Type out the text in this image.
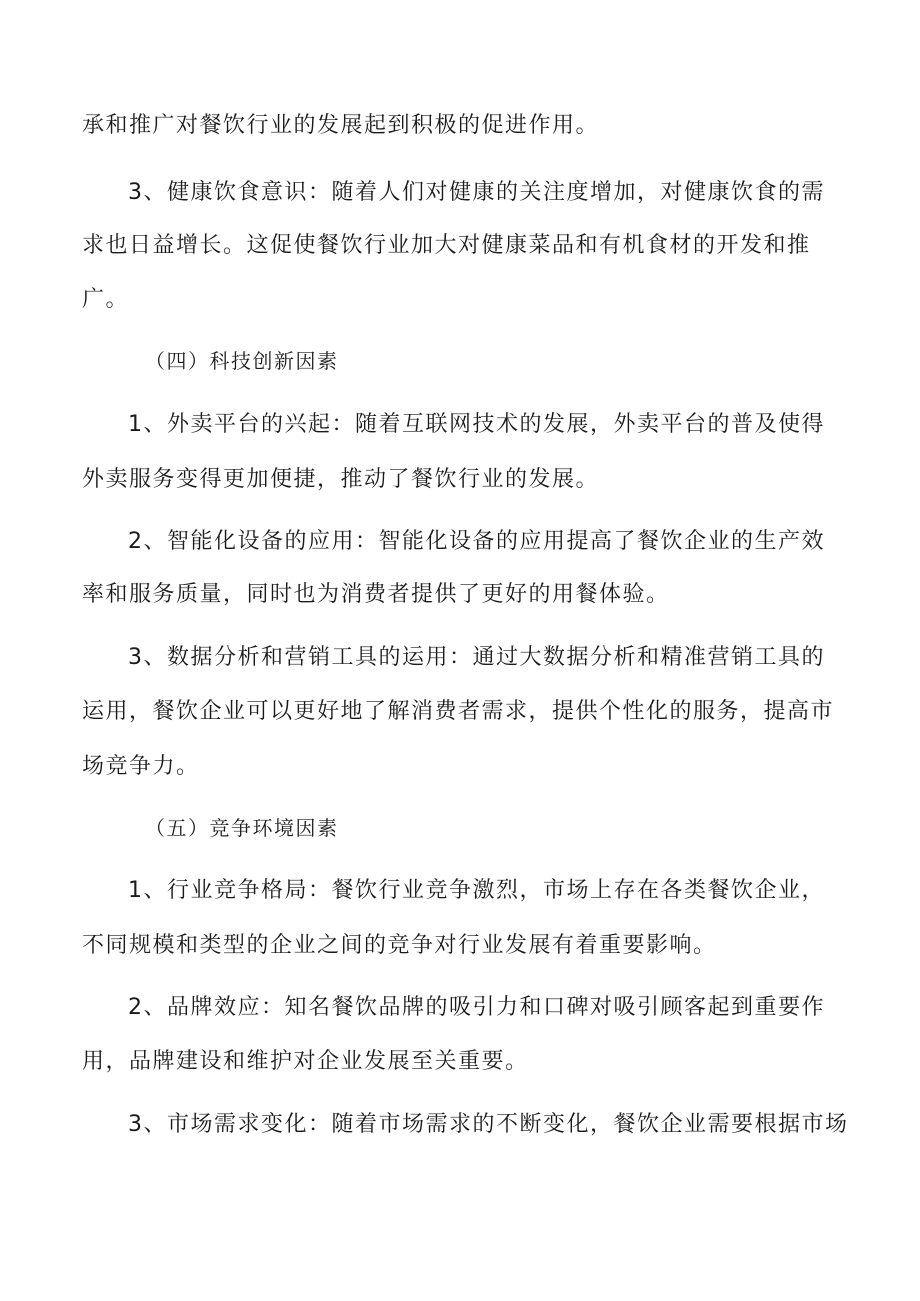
承和推广对餐饮行业的发展起到积极的促进作用。
3、健康饮食意识：随着人们对健康的关注度增加，对健康饮食的需
求也日益增长。这促使餐饮行业加大对健康菜品和有机食材的开发和推
广。
（四）科技创新因素
1、外卖平台的兴起：随着互联网技术的发展，外卖平台的普及使得
外卖服务变得更加便捷，推动了餐饮行业的发展。
2、智能化设备的应用：智能化设备的应用提高了餐饮企业的生产效
率和服务质量，同时也为消费者提供了更好的用餐体验。
3、数据分析和营销工具的运用：通过大数据分析和精准营销工具的
运用，餐饮企业可以更好地了解消费者需求，提供个性化的服务，提高市
场竞争力。
（五）竞争环境因素
1、行业竞争格局：餐饮行业竞争激烈，市场上存在各类餐饮企业，
不同规模和类型的企业之间的竞争对行业发展有着重要影响。
2、品牌效应：知名餐饮品牌的吸引力和口碑对吸引顾客起到重要作
用，品牌建设和维护对企业发展至关重要。
3、市场需求变化：随着市场需求的不断变化，餐饮企业需要根据市场
